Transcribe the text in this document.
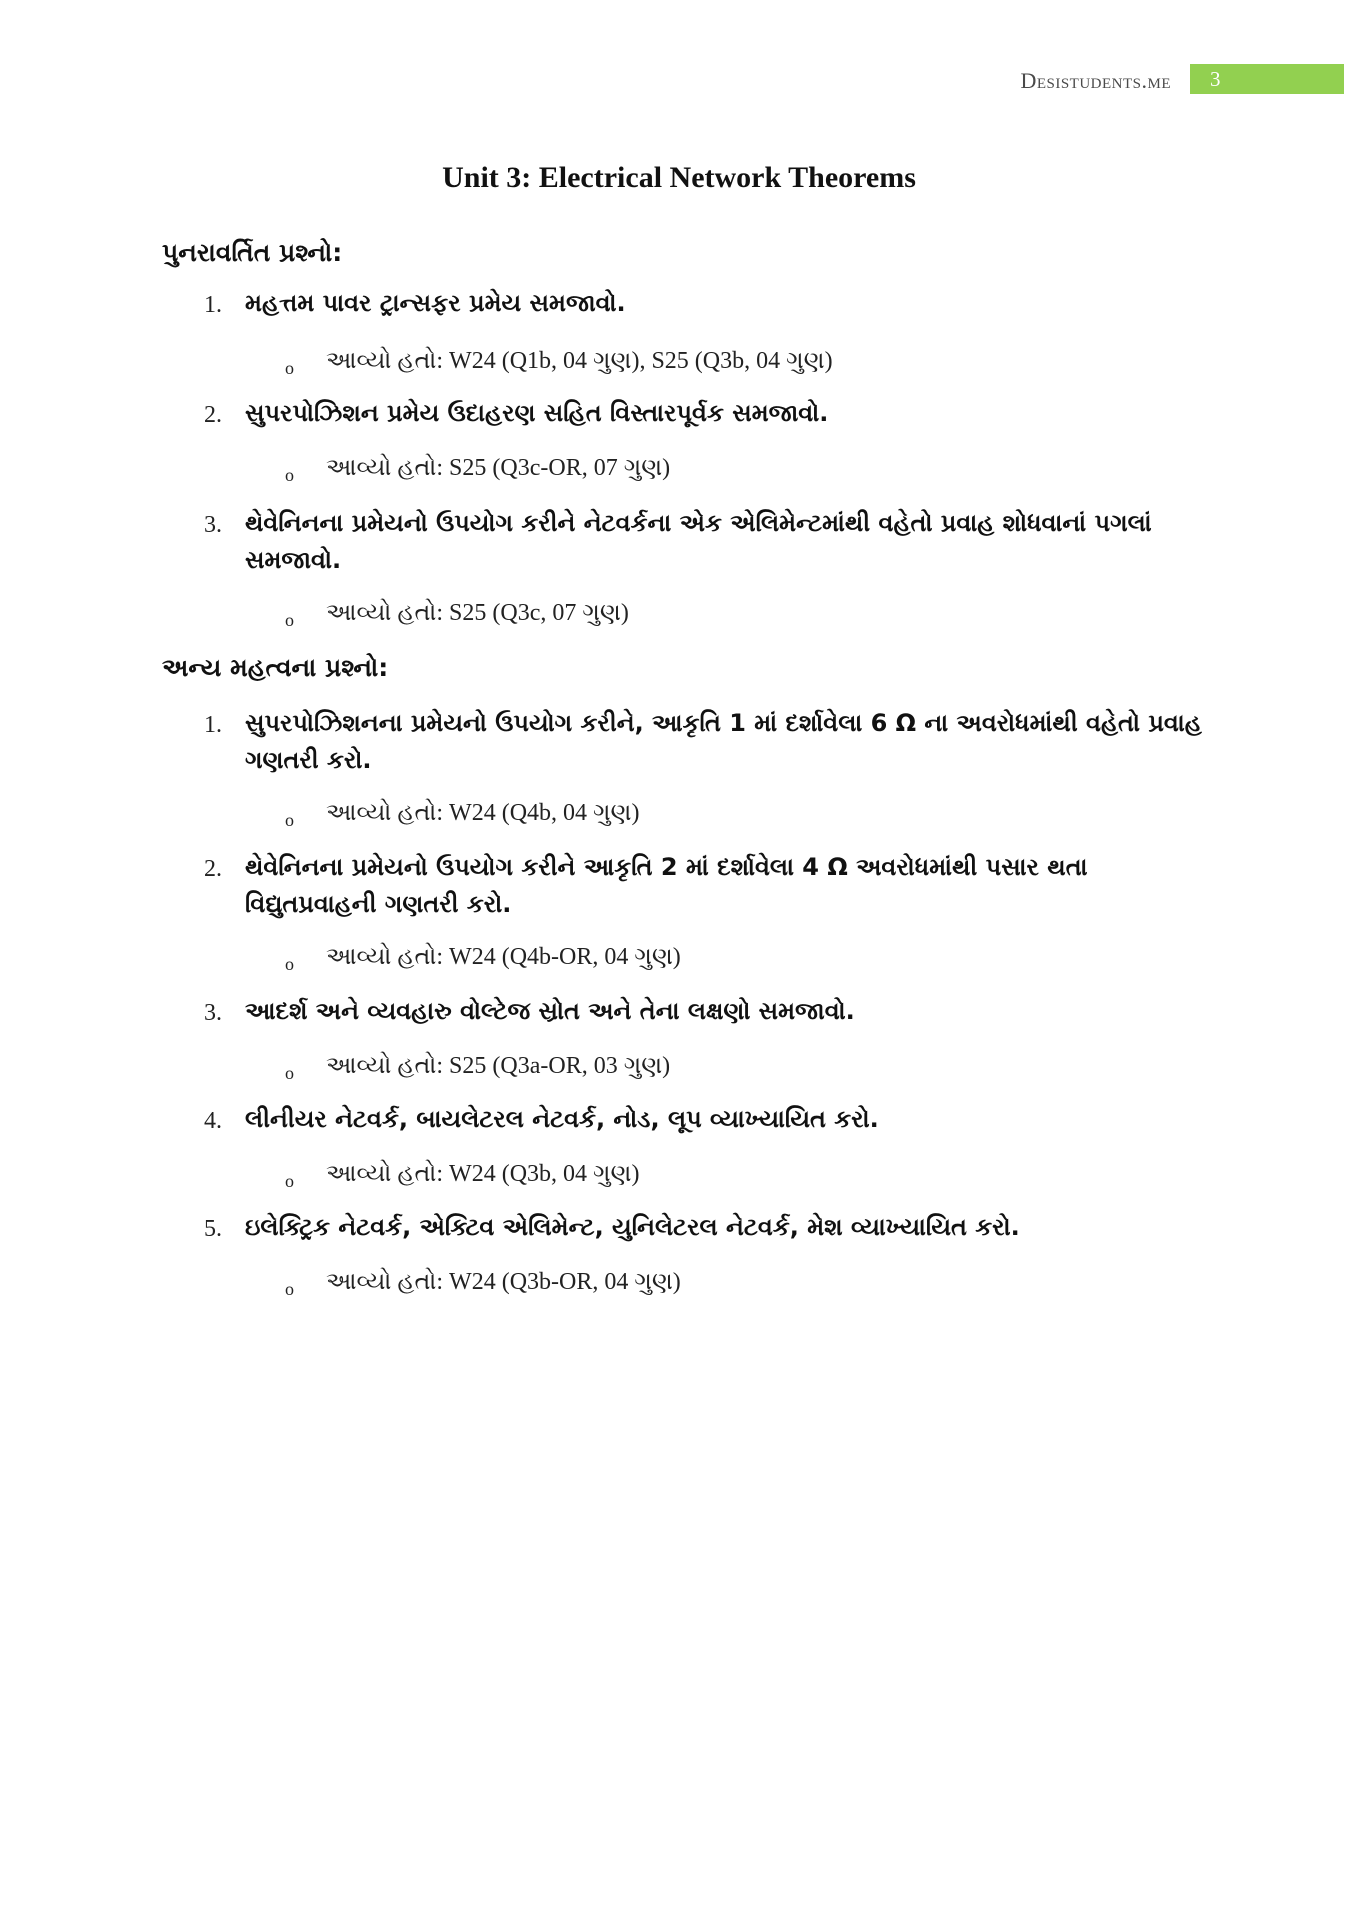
Desistudents.me 3
Unit 3: Electrical Network Theorems
પુનરાવર્તિત પ્રશ્નો:
1. મહત્તમ પાવર ટ્રાન્સફર પ્રમેય સમજાવો.
o આવ્યો હતો: W24 (Q1b, 04 ગુણ), S25 (Q3b, 04 ગુણ)
2. સુપરપોઝિશન પ્રમેય ઉદાહરણ સહિત વિસ્તારપૂર્વક સમજાવો.
o આવ્યો હતો: S25 (Q3c-OR, 07 ગુણ)
3. થેવેનિનના પ્રમેયનો ઉપયોગ કરીને નેટવર્કના એક એલિમેન્ટમાંથી વહેતો પ્રવાહ શોધવાનાં પગલાં સમજાવો.
o આવ્યો હતો: S25 (Q3c, 07 ગુણ)
અન્ય મહત્વના પ્રશ્નો:
1. સુપરપોઝિશનના પ્રમેયનો ઉપયોગ કરીને, આકૃતિ 1 માં દર્શાવેલા 6 Ω ના અવરોધમાંથી વહેતો પ્રવાહ ગણતરી કરો.
o આવ્યો હતો: W24 (Q4b, 04 ગુણ)
2. થેવેનિનના પ્રમેયનો ઉપયોગ કરીને આકૃતિ 2 માં દર્શાવેલા 4 Ω અવરોધમાંથી પસાર થતા વિદ્યુતપ્રવાહની ગણતરી કરો.
o આવ્યો હતો: W24 (Q4b-OR, 04 ગુણ)
3. આદર્શ અને વ્યવહારુ વોલ્ટેજ સ્રોત અને તેના લક્ષણો સમજાવો.
o આવ્યો હતો: S25 (Q3a-OR, 03 ગુણ)
4. લીનીયર નેટવર્ક, બાયલેટરલ નેટવર્ક, નોડ, લૂપ વ્યાખ્યાયિત કરો.
o આવ્યો હતો: W24 (Q3b, 04 ગુણ)
5. ઇલેક્ટ્રિક નેટવર્ક, એક્ટિવ એલિમેન્ટ, યુનિલેટરલ નેટવર્ક, મેશ વ્યાખ્યાયિત કરો.
o આવ્યો હતો: W24 (Q3b-OR, 04 ગુણ)
